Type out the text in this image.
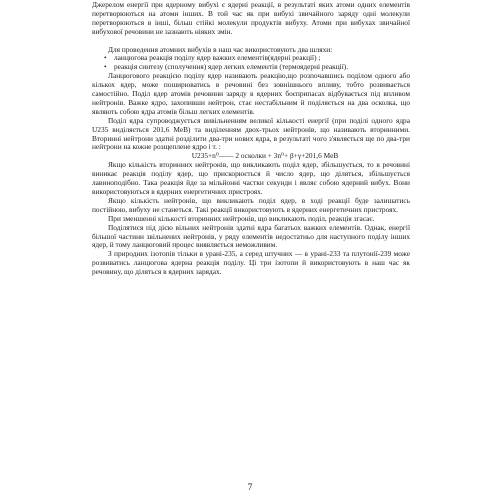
Джерелом енергії при ядерному вибухі є ядерні реакції, в результаті яких атоми одних елементів перетворюються на атоми інших. В той час як при вибухі звичайного заряду одні молекули перетворюються в інші, більш стійкі молекули продуктів вибуху. Атоми при вибухах звичайної вибухової речовини не зазнають ніяких змін.

Для проведення атомних вибухів в наш час використовують два шляхи:

• ланцюгова реакція поділу ядер важких елементів(ядерні реакції) ;
• реакція синтезу (сполучення) ядер легких елементів (термоядерні реакції).

Ланцюгового реакцією поділу ядер називають реакцію,що розпочавшись поділом одного або кількох ядер, може поширюватись в речовині без зовнішнього впливу, тобто розвивається самостійно. Поділ ядер атомів речовини заряду в ядерних боєприпасах відбувається під впливом нейтронів. Важке ядро, захопивши нейтрон, стає нестабільним й поділяється на два осколка, що являють собою ядра атомів більш легких елементів.

Поділ ядра супроводжується вивільненням великої кількості енергії (при поділі одного ядра U235 виділяється 201,6 MeB) та виділенням двох-трьох нейтронів, що називають вторинними. Вторинні нейтрони здатні розділити два-три нових ядра, в результаті чого з'являється ще по два-три нейтрони на кожне розщеплене ядро і т. :

U235+n⁰—— 2 осколки + 3n⁰+ β+γ+201,6 MeB

Якщо кількість вторинних нейтронів, що викликають поділ ядер, збільшується, то в речовині виникає реакція поділу ядер, що прискорюється й число ядер, що діляться, збільшується лавиноподібно. Така реакція йде за мільйонні частки секунди і являє собою ядерний вибух. Вони використовуються в ядерних енергетичних пристроях.

Якщо кількість нейтронів, що викликають поділ ядер, в ході реакції буде залишатись постійною, вибуху не станеться. Такі реакції використовують в ядерних енергетичних пристроях.

При зменшенні кількості вторинних нейтронів, що викликають поділ, реакція згасає.

Поділятися під дією вільних нейтронів здатні ядра багатьох важких елементів. Однак, енергії більшої частини звільнених нейтронів, у ряду елементів недостатньо для наступного поділу інших ядер, й тому ланцюговий процес виявляється неможливим.

З природних ізотопів тільки в урані-235, а серед штучних — в урані-233 та плутонії-239 може розвиватись ланцюгова ядерна реакція поділу. Ці три ізотопи й використовують в наш час як речовину, що діляться в ядерних зарядах.

7
